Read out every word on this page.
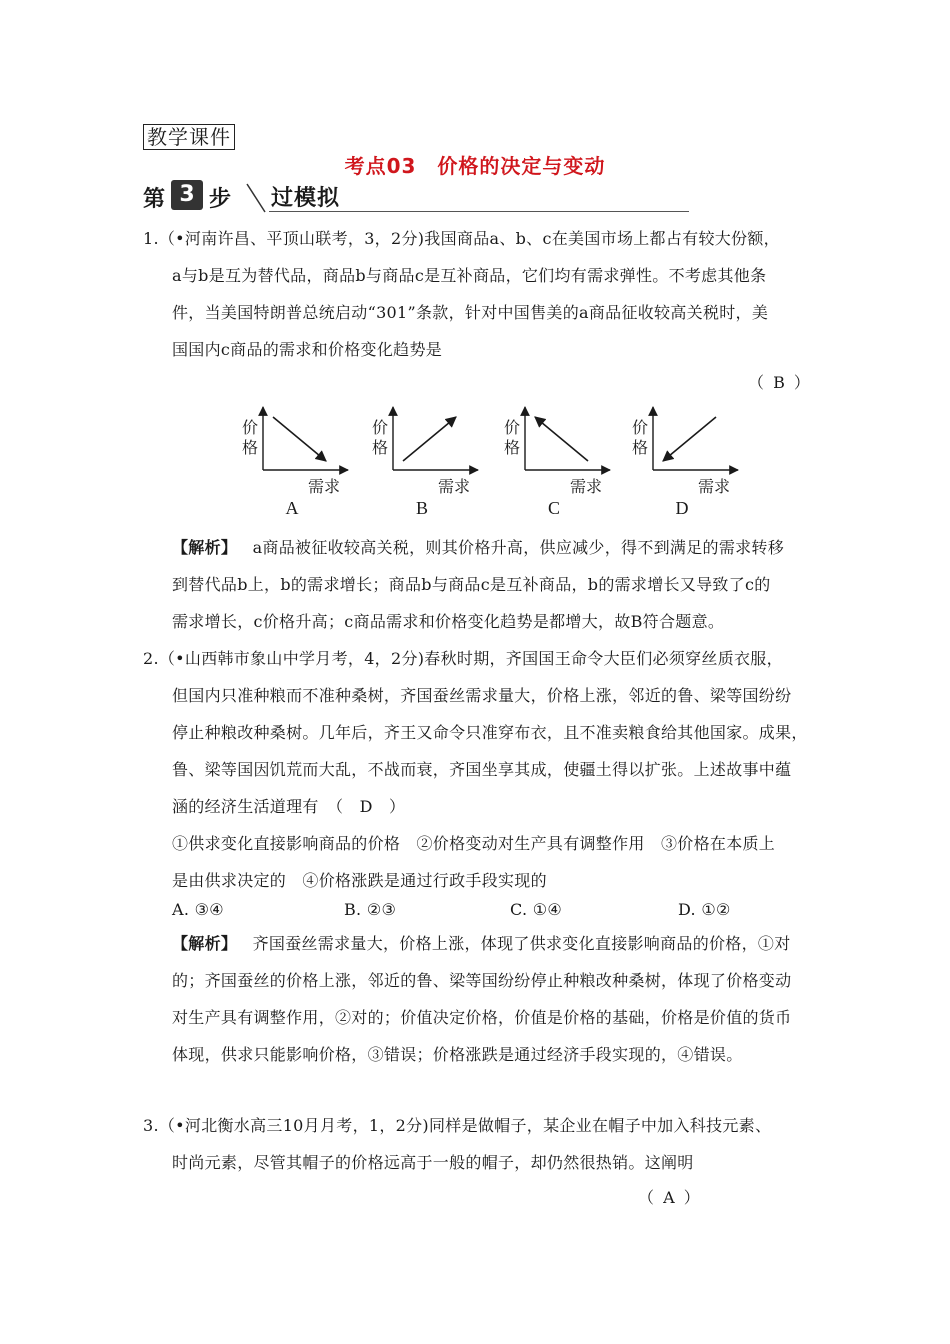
教学课件
考点03　价格的决定与变动
第 3 步 过模拟
1.（•河南许昌、平顶山联考，3，2分)我国商品a、b、c在美国市场上都占有较大份额，
a与b是互为替代品，商品b与商品c是互补商品，它们均有需求弹性。不考虑其他条
件，当美国特朗普总统启动“301”条款，针对中国售美的a商品征收较高关税时，美
国国内c商品的需求和价格变化趋势是
（ B ）
价
格
需求
A
价
格
需求
B
价
格
需求
C
价
格
需求
D
【解析】 a商品被征收较高关税，则其价格升高，供应减少，得不到满足的需求转移
到替代品b上，b的需求增长；商品b与商品c是互补商品，b的需求增长又导致了c的
需求增长，c价格升高；c商品需求和价格变化趋势是都增大，故B符合题意。
2.（•山西韩市象山中学月考，4，2分)春秋时期，齐国国王命令大臣们必须穿丝质衣服，
但国内只准种粮而不准种桑树，齐国蚕丝需求量大，价格上涨，邻近的鲁、梁等国纷纷
停止种粮改种桑树。几年后，齐王又命令只准穿布衣，且不准卖粮食给其他国家。成果，
鲁、梁等国因饥荒而大乱，不战而衰，齐国坐享其成，使疆土得以扩张。上述故事中蕴
涵的经济生活道理有　（　D　）
①供求变化直接影响商品的价格　②价格变动对生产具有调整作用　③价格在本质上
是由供求决定的　④价格涨跌是通过行政手段实现的
A. ③④	B. ②③	C. ①④	D. ①②
【解析】 齐国蚕丝需求量大，价格上涨，体现了供求变化直接影响商品的价格，①对
的；齐国蚕丝的价格上涨，邻近的鲁、梁等国纷纷停止种粮改种桑树，体现了价格变动
对生产具有调整作用，②对的；价值决定价格，价值是价格的基础，价格是价值的货币
体现，供求只能影响价格，③错误；价格涨跌是通过经济手段实现的，④错误。
3.（•河北衡水高三10月月考，1，2分)同样是做帽子，某企业在帽子中加入科技元素、
时尚元素，尽管其帽子的价格远高于一般的帽子，却仍然很热销。这阐明
（ A ）
